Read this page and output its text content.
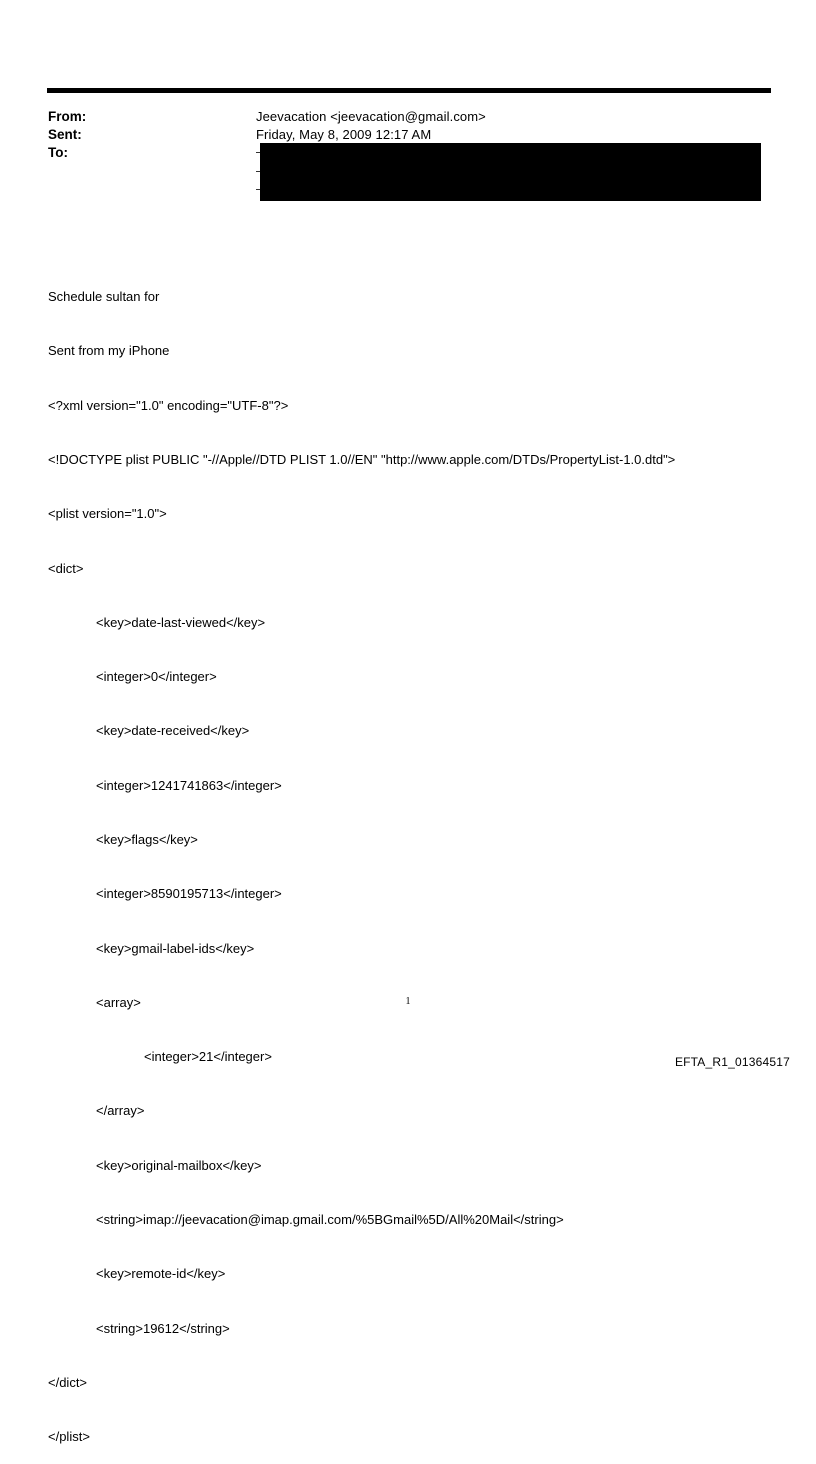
From:	Jeevacation <jeevacation@gmail.com>
Sent:	Friday, May 8, 2009 12:17 AM
To:

Schedule sultan for

Sent from my iPhone

<?xml version="1.0" encoding="UTF-8"?>

<!DOCTYPE plist PUBLIC "-//Apple//DTD PLIST 1.0//EN" "http://www.apple.com/DTDs/PropertyList-1.0.dtd">

<plist version="1.0">

<dict>

<key>date-last-viewed</key>

<integer>0</integer>

<key>date-received</key>

<integer>1241741863</integer>

<key>flags</key>

<integer>8590195713</integer>

<key>gmail-label-ids</key>

<array>

<integer>21</integer>

</array>

<key>original-mailbox</key>

<string>imap://jeevacation@imap.gmail.com/%5BGmail%5D/All%20Mail</string>

<key>remote-id</key>

<string>19612</string>

</dict>

</plist>

1
EFTA_R1_01364517
